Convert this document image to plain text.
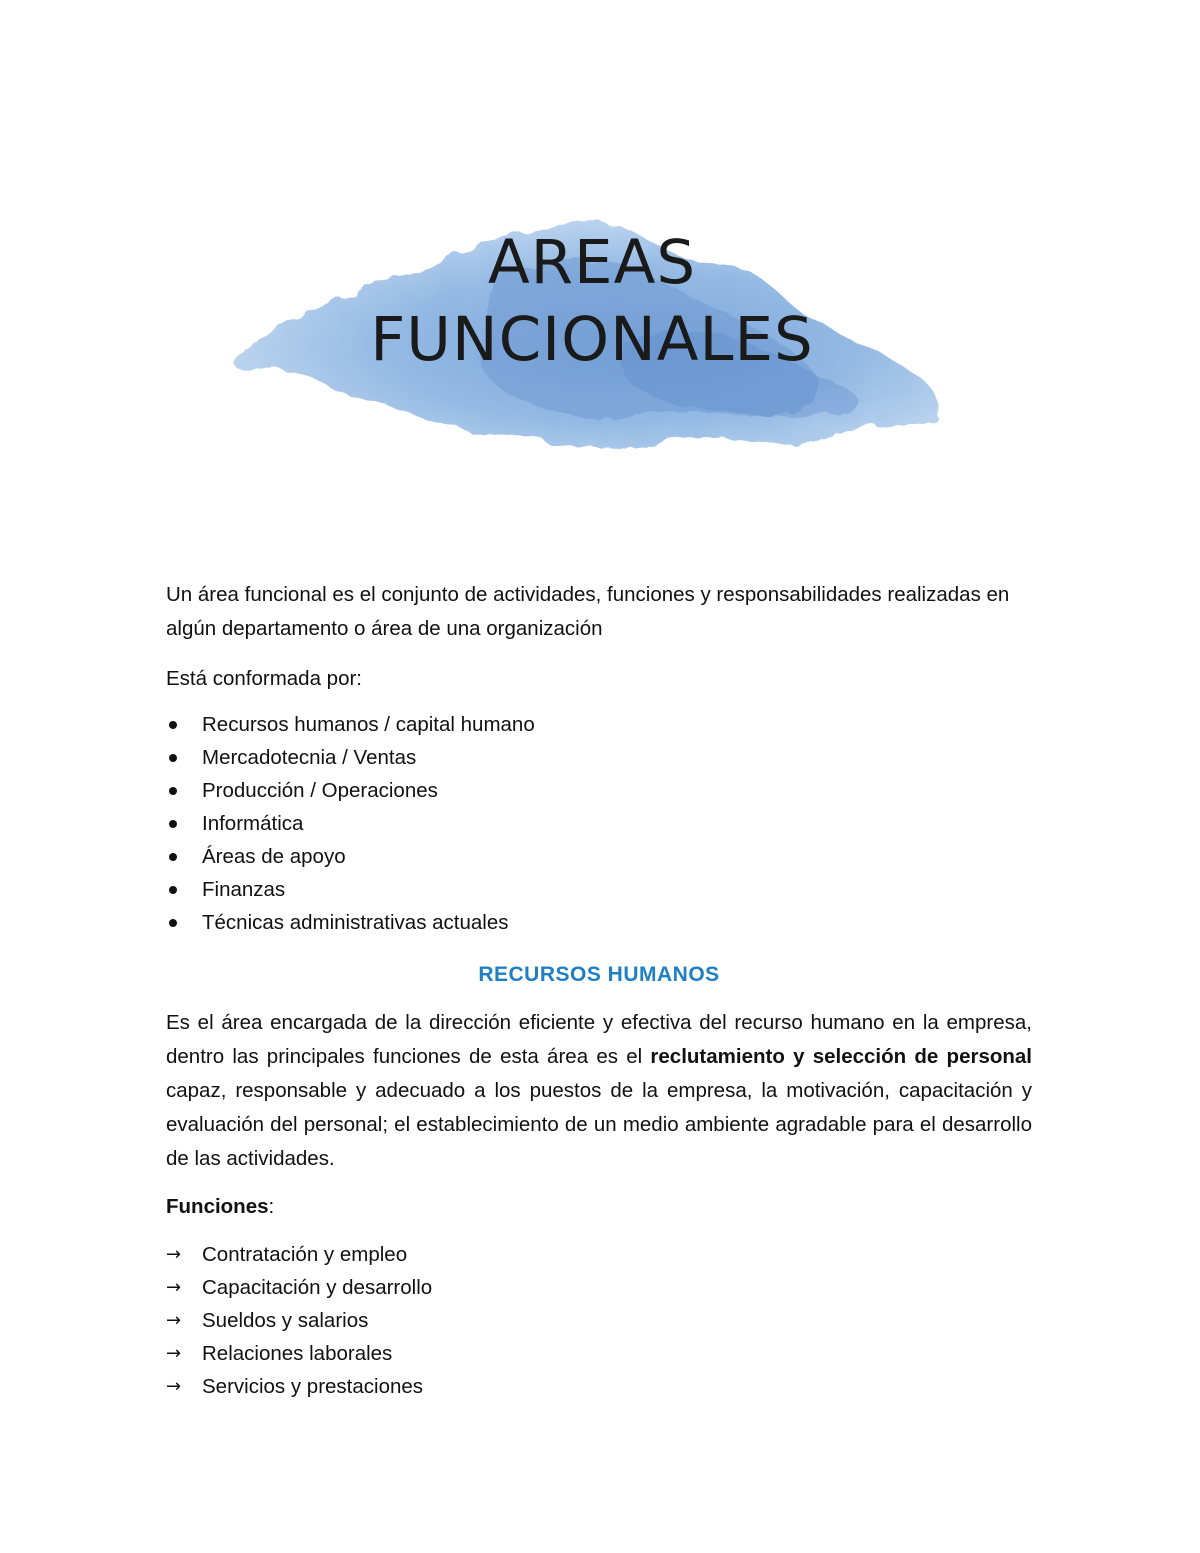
AREAS
FUNCIONALES

Un área funcional es el conjunto de actividades, funciones y responsabilidades realizadas en algún departamento o área de una organización

Está conformada por:

Recursos humanos / capital humano
Mercadotecnia / Ventas
Producción / Operaciones
Informática
Áreas de apoyo
Finanzas
Técnicas administrativas actuales
RECURSOS HUMANOS

Es el área encargada de la dirección eficiente y efectiva del recurso humano en la empresa, dentro las principales funciones de esta área es el reclutamiento y selección de personal capaz, responsable y adecuado a los puestos de la empresa, la motivación, capacitación y evaluación del personal; el establecimiento de un medio ambiente agradable para el desarrollo de las actividades.

Funciones:

→ Contratación y empleo
→ Capacitación y desarrollo
→ Sueldos y salarios
→ Relaciones laborales
→ Servicios y prestaciones
